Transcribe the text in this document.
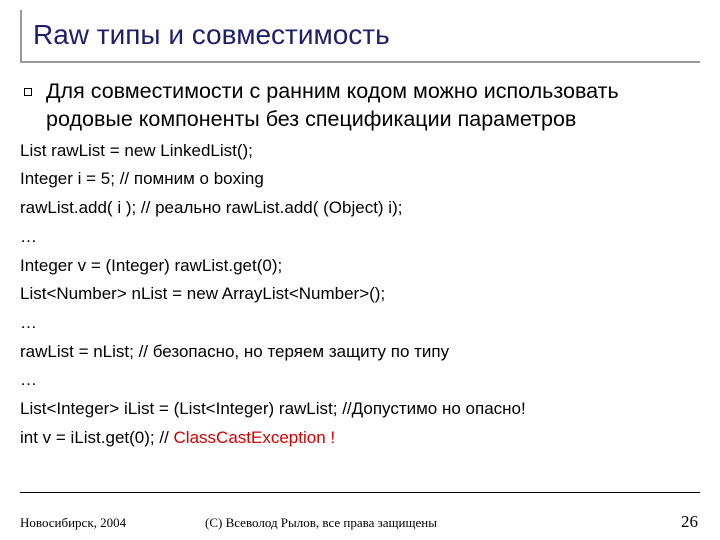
Raw типы и совместимость
Для совместимости с ранним кодом можно использовать
родовые компоненты без спецификации параметров
List rawList = new LinkedList();
Integer i = 5; // помним о boxing
rawList.add( i ); // реально rawList.add( (Object) i);
…
Integer v = (Integer) rawList.get(0);
List<Number> nList = new ArrayList<Number>();
…
rawList = nList; // безопасно, но теряем защиту по типу
…
List<Integer> iList = (List<Integer) rawList; //Допустимо но опасно!
int v = iList.get(0); // ClassCastException !
Новосибирск, 2004	(С) Всеволод Рылов, все права защищены	26
